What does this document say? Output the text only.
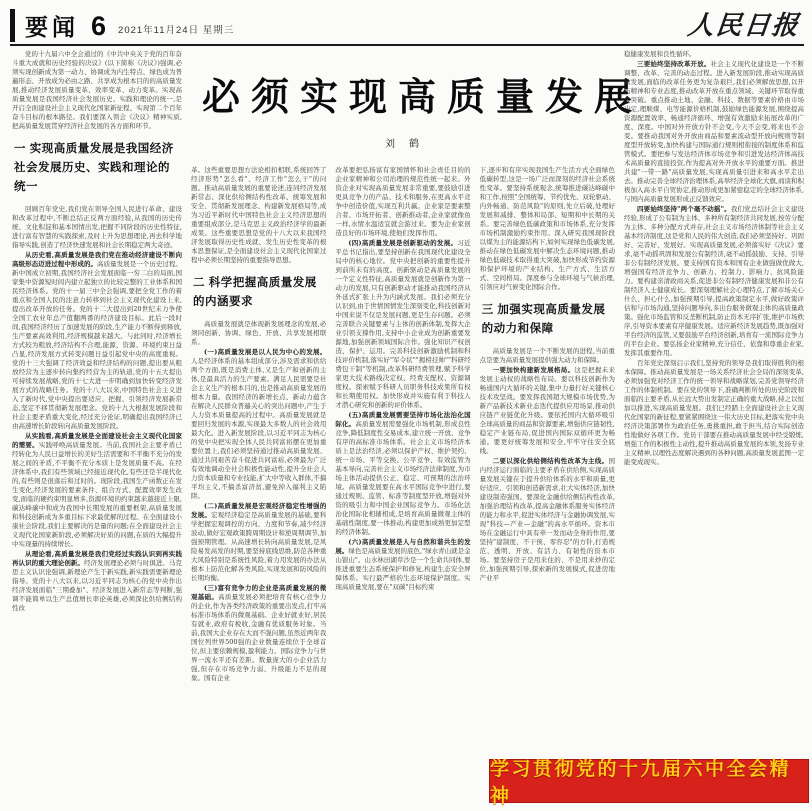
要闻 6 2021年11月24日 星期三	人民日报

党的十九届六中全会通过的《中共中央关于党的百年奋斗重大成就和历史经验的决议》(以下简称《决议》)强调,必须实现创新成为第一动力、协调成为内生特点、绿色成为普遍形态、开放成为必由之路、共享成为根本目的的高质量发展,推动经济发展质量变革、效率变革、动力变革。实现高质量发展是我国经济社会发展历史、实践和理论的统一,是开启全面建设社会主义现代化国家新征程、实现第二个百年奋斗目标的根本路径。我们要深入领会《决议》精神实质,把高质量发展贯穿经济社会发展的各方面和环节。

一 实现高质量发展是我国经济社会发展历史、实践和理论的统一

回顾百年党史,我们党在领导全国人民进行革命、建设和改革过程中,不断总结正反两方面经验,从我国的历史传统、文化积淀和基本国情出发,把握不同阶段的历史性特征,进行富有智慧的实践探索,及时上升为思想理论,再去科学地指导实践,创造了经济快速发展和社会长期稳定两大奇迹。

从历史看,高质量发展是我们党在推动经济建设不断向高级形态迈进过程中形成的。高质量发展是一个历史过程。新中国成立初期,我国经济社会发展面临一穷二白的局面,国家集中资源短时间内建立起独立的比较完整的工业体系和国民经济体系。党的十一届三中全会强调,要把全党工作的着重点和全国人民的注意力转移到社会主义现代化建设上来,提出改革开放的任务。党的十二大提出到20世纪末力争使全国工农业年总产值翻两番的经济建设目标。此后一段时间,我国经济经历了加速发展的阶段,生产能力不断得到释放,生产要素高效利用,经济规模越来越大。与此同时,经济增长方式较为粗放,经济结构不合理,能源、资源、环境约束日益凸显,经济发展方式转变问题日益引起党中央的高度重视。党的十三大强调了经济效益和经济结构的问题,提出要从粗放经营为主逐步转向集约经营为主的轨道,党的十五大提出可持续发展战略,党的十七大进一步明确到加快转变经济发展方式的战略任务。党的十八大以来,中国特色社会主义进入了新时代,党中央提出要适应、把握、引领经济发展新常态,坚定不移贯彻新发展理念。党的十九大根据发展阶段和社会主要矛盾重大变化,经过充分论证,明确提出我国经济已由高速增长阶段转向高质量发展阶段。

从实践看,高质量发展是全面建设社会主义现代化国家的需要。实践呼唤高质量发展。当前,我国社会主要矛盾已经转化为人民日益增长的美好生活需要和不平衡不充分的发展之间的矛盾,不平衡不充分本质上是发展质量不高。在经济体系中,我们有些领域已经接近现代化,有些还是半现代化的,有些则是很落后和过时的。现阶段,我国生产函数正在发生变化,经济发展的要素条件、组合方式、配置效率发生改变,面临的硬约束明显增多,资源环境的约束越来越接近上限,碳达峰碳中和成为我国中长期发展的重要框架,高质量发展和科技创新成为多重目标下求最优解的过程。在全面建设小康社会阶段,我们主要解决的是量的问题;在全面建设社会主义现代化国家新阶段,必须解决好质的问题,在质的大幅提升中实现量的持续增长。

从理论看,高质量发展是我们党经过实践认识到再实践再认识的重大理论创新。经济发展理论必须与时俱进。马克思主义认识论强调,新理论产生于新实践,新实践需要新理论指导。党的十八大以来,以习近平同志为核心的党中央作出经济发展面临"三期叠加"、经济发展进入新常态等判断,强调不能简单以生产总值增长率论英雄,必须深化供给侧结构性改

必须实现高质量发展
刘　鹤

革。这些重要思想方法论相扣相联,系统回答了经济形势"怎么看"、经济工作"怎么干"的问题。推动高质量发展的重要论述,连同经济发展新常态、深化供给侧结构性改革、统筹发展和安全、贯彻新发展理念、构建新发展格局等,成为习近平新时代中国特色社会主义经济思想的重要组成部分,是马克思主义政治经济学的最新成果。这些重要思想是党的十八大以来我国经济发展取得历史性成就、发生历史性变革的根本思想保证,是全面建设社会主义现代化国家过程中必须长期坚持的重要指导思想。

二 科学把握高质量发展的内涵要求

高质量发展就是体现新发展理念的发展,必须同创新、协调、绿色、开放、共享发展相联系。

(一)高质量发展是以人民为中心的发展。人是经济体系的基本组成部分,涉及需求和供给两个方面,既是消费主体,又是生产和创新的主体,是最具活力的生产要素。满足人民需要是社会主义生产的根本目的,也是推动高质量发展的根本力量。我国经济的新增长点、新动力蕴含在解决人民群众普遍关心的突出问题中,产生于人力资本质量提高的过程中。高质量发展就是要回归发展的本源,实现最大多数人的社会效用最大化。进入新发展阶段,以习近平同志为核心的党中央把实现全体人民共同富裕摆在更加重要位置上,我们必须坚持通过推动高质量发展、通过共同艰苦奋斗促进共同富裕,必须最为广泛有效地调动全社会积极性能动性,提升全社会人力资本质量和专业技能,扩大中等收入群体,不搞平均主义,不搞杀富济贫,避免掉入福利主义陷阱。

(二)高质量发展是宏观经济稳定性增强的发展。宏观经济稳定是高质量发展的基础,要科学把握宏观调控的方向、力度和节奏,减少经济波动,做好宏观政策跨周期设计和逆周期调节,加强预期管理。从高速增长转向高质量发展,是风险易发高发的时期,要坚持底线思维,防范各种重大风险特别是系统性风险,着力用发展的办法从根本上防范化解各类风险,实现发展和防风险的长期均衡。

(三)富有竞争力的企业是高质量发展的微观基础。高质量发展必须把培育有核心竞争力的企业,作为各类经济政策的重要出发点,打牢高标准市场体系的微观基础。企业好就业好,居民有就业,政府有税收,金融有优质服务对象。当前,我国大企业存在大而不强问题,虽然近两年我国位列世界500强的企业数量连续位于全球首位,但主要依赖规模,盈利能力、国际竞争力与世界一流水平还有差距。数量庞大的小企业活力强,但存在市场竞争力弱、升级能力不足的现象。国有企业

改革要把弘扬富有家国情怀和社会责任目的的企业家精神和公司治理的规范性统一起来。外资企业对实现高质量发展非常重要,要鼓励引进更具竞争力的产品、技术和服务,在更高水平竞争中创造价值,实现互利共赢。企业家是要素整合者、市场开拓者、创新推动者,企业家就像鱼一样,水情水温适宜就会游过来。要为企业家创造良好的市场环境,使他们发挥作用。

(四)高质量发展是创新驱动的发展。习近平总书记指出,要坚持创新在我国现代化建设全局中的核心地位。党中央把创新的重要性提升到前所未有的高度。创新驱动是高质量发展的一个定义性特征,高质量发展就是创新作为第一动力的发展,只有创新驱动才能推动我国经济从外延式扩张上升为内涵式发展。我们必须充分认识到,由于世情国情发生深刻变化,科技创新对中国来说不仅是发展问题,更是生存问题。必须完善联合关键要素与主体的创新体制,发挥大企业引领支撑作用,支持中小企业成为创新重要发源地,加强创新领域国际合作。强化知识产权创造、保护、运用。完善科技创新激励机制和科技评价机制,落实好"军令状""揭榜挂帅""科研经费包干制"等机制,改革科研经费管理,赋予科学家更大技术路线决定权、经费支配权、资源调度权。探索赋予科研人员职务科技成果所有权和长期使用权。加快形成并实施有利于科技人才潜心研究和创新的评价体系。

(五)高质量发展需要坚持市场化法治化国际化。高质量发展需要强化市场机制,形成良性竞争,降低制度性交易成本,建立统一开放、竞争有序的高标准市场体系。社会主义市场经济本质上是法治经济,必须以保护产权、维护契约、统一市场、平等交换、公平竞争、有效监管为基本导向,完善社会主义市场经济法律制度,为市场主体活动提供公正、稳定、可预期的法治环境。高质量发展要在高水平国际竞争中进行,要通过规则、监管、标准等制度型开放,增强对外资的吸引力和中国企业国际竞争力。市场化法治化国际化相辅相成,是培育高质量微观主体的基础性制度,要一体推动,构建更加成熟更加定型的经济体制。

(六)高质量发展是人与自然和谐共生的发展。绿色是高质量发展的底色,"绿水青山就是金山银山"。山水林田湖草沙是一个生命共同体,要推进重要生态系统保护和修复,构建生态安全屏障体系。实行最严格的生态环境保护制度。实现高质量发展,要在"双碳"目标约束

下,逐步和有序实现我国生产生活方式全面绿色低碳转型,这是一场广泛而深刻的经济社会系统性变革。要坚持系统观念,统筹推进碳达峰碳中和工作,按照"全国统筹、节约优先、双轮驱动、内外畅通、防范风险"的原则,先立后破,处理好发展和减排、整体和局部、短期和中长期的关系。要完善绿色低碳政策和市场体系,充分发挥市场机制激励约束作用。深入研究我国现阶段以煤为主的能源结构下,如何实现绿色低碳发展,推动在绿色低碳发展中解决生态环境问题,推动绿色低碳技术取得重大突破,加快形成节约资源和保护环境的产业结构、生产方式、生活方式、空间格局。深度参与全球环境与气候治理,引领应对气候变化国际合作。

三 加强实现高质量发展的动力和保障

高质量发展是一个不断发展的进程,当前重点是要为高质量发展提供强大动力和保障。

一要加快构建新发展格局。这是把握未来发展主动权的战略性布局。要以科技创新作为畅通国内大循环的关键,集中力量打好关键核心技术攻坚战。要发挥我国超大规模市场优势,为新产品新技术新业态迭代提供应用场景,推动供应链产业链优化升级。要依托国内大循环吸引全球高质量的商品和资源要素,增强供应链韧性,稳定产业链布局,促进国内国际双循环更为畅通。要更好统筹发展和安全,牢牢守住安全底线。

二要以深化供给侧结构性改革为主线。国内经济运行面临的主要矛盾在供给侧,实现高质量发展关键在于提升供给体系的水平和质量,更好适应、引领和创造新需求,壮大实体经济,加快建设制造强国。要深化金融供给侧结构性改革,加强治理结构改革,提高金融体系服务实体经济的能力和水平,促进实体经济与金融协调发展,实现"科技—产业—金融"的高水平循环。资本市场在金融运行中具有牵一发而动全身的作用,要坚持"建制度、不干预、零容忍"的方针,打造规范、透明、开放、有活力、有韧性的资本市场。要坚持房子是用来住的、不是用来炒的定位,加强预期引导,探索新的发展模式,促进房地产业平

稳健康发展和良性循环。

三要始终坚持改革开放。社会主义现代化建设是一个不断调整、改革、完善的动态过程。进入新发展阶段,推动实现高质量发展,面临的改革任务更为复杂艰巨,我们必须解放思想,以开拓精神和专业态度,推动改革开放在重点领域、关键环节取得重大突破。重点推动土地、金融、科技、数据等要素价格由市场决定,理顺煤、电等能源价格机制,鼓励绿色能源发展,围绕提高资源配置效率、畅通经济循环、增强有效激励来拓展改革的广度、深度。中国对外开放方针不会变,今天不会变,将来也不会变。要推动我国对外开放由商品和要素流动型开放向规则等制度型开放转变,加快构建与国际通行规则相衔接的制度体系和监管模式。要把参与发达经济体市场竞争和引进发达经济体高技术高质量的直接投资,作为提高对外开放水平的重要方面。推进共建"一带一路"高质量发展,实现高质量引进来和高水平走出去。推动完善全球经济治理体系,高举经济全球化大旗,商谈和积极加入高水平自贸协定,推动形成更加紧密稳定的全球经济体系,与国内高质量发展形成正反馈效应。

四要始终坚持"两个毫不动摇"。我们党总结社会主义建设经验,形成了公有制为主体、多种所有制经济共同发展,按劳分配为主体、多种分配方式并存,社会主义市场经济体制等社会主义基本经济制度,这是党和人民的伟大创造,我们必须坚持好、巩固好、完善好、发展好。实现高质量发展,必须落实好《决议》要求,毫不动摇巩固和发展公有制经济,毫不动摇鼓励、支持、引导非公有制经济发展。要支持国有资本和国有企业做强做优做大,增强国有经济竞争力、创新力、控制力、影响力、抗风险能力。要构建亲清政商关系,促进非公有制经济健康发展和非公有制经济人士健康成长。要深刻理解社会心理特点,了解市场关心什么、担心什么,加强预期引导,提高政策制定水平,做好政策评估和与市场沟通,坚持问题导向,多出台服务微观主体的高质量政策。强化市场监管和反垄断机制,防止资本无序扩张,维护市场秩序,引导资本要素有序健康发展。适应新经济发展趋势,既加强对平台经济的监管,又要鼓励平台经济创新,培育有一流国际竞争力的平台企业。要弘扬企业家精神,充分信任、依靠和尊重企业家,发挥其重要作用。

百年党史深刻启示我们,坚持党的领导是我们取得胜利的根本保障。推动高质量发展是一场关系经济社会全局的深刻变革,必须加强党对经济工作的统一领导和战略谋划,完善党领导经济工作的体制机制。要在党的领导下,准确判断所处的历史阶段和面临的主要矛盾,从长远大势出发制定正确的重大战略,持之以恒加以推进,实现高质量发展。我们已经踏上全面建设社会主义现代化国家的新征程,要紧紧围绕这一伟大历史目标,把落实党中央经济决策部署作为政治任务,勇挑重担,敢于担当,结合实际创造性地做好各项工作。党员干部要在推动高质量发展中经受锻炼,增强工作的积极性主动性,提升推动高质量发展的本领,发扬专业主义精神,以理性态度解决遇到的各种问题,高质量发展蓝图一定能变成现实。

学习贯彻党的十九届六中全会精神
